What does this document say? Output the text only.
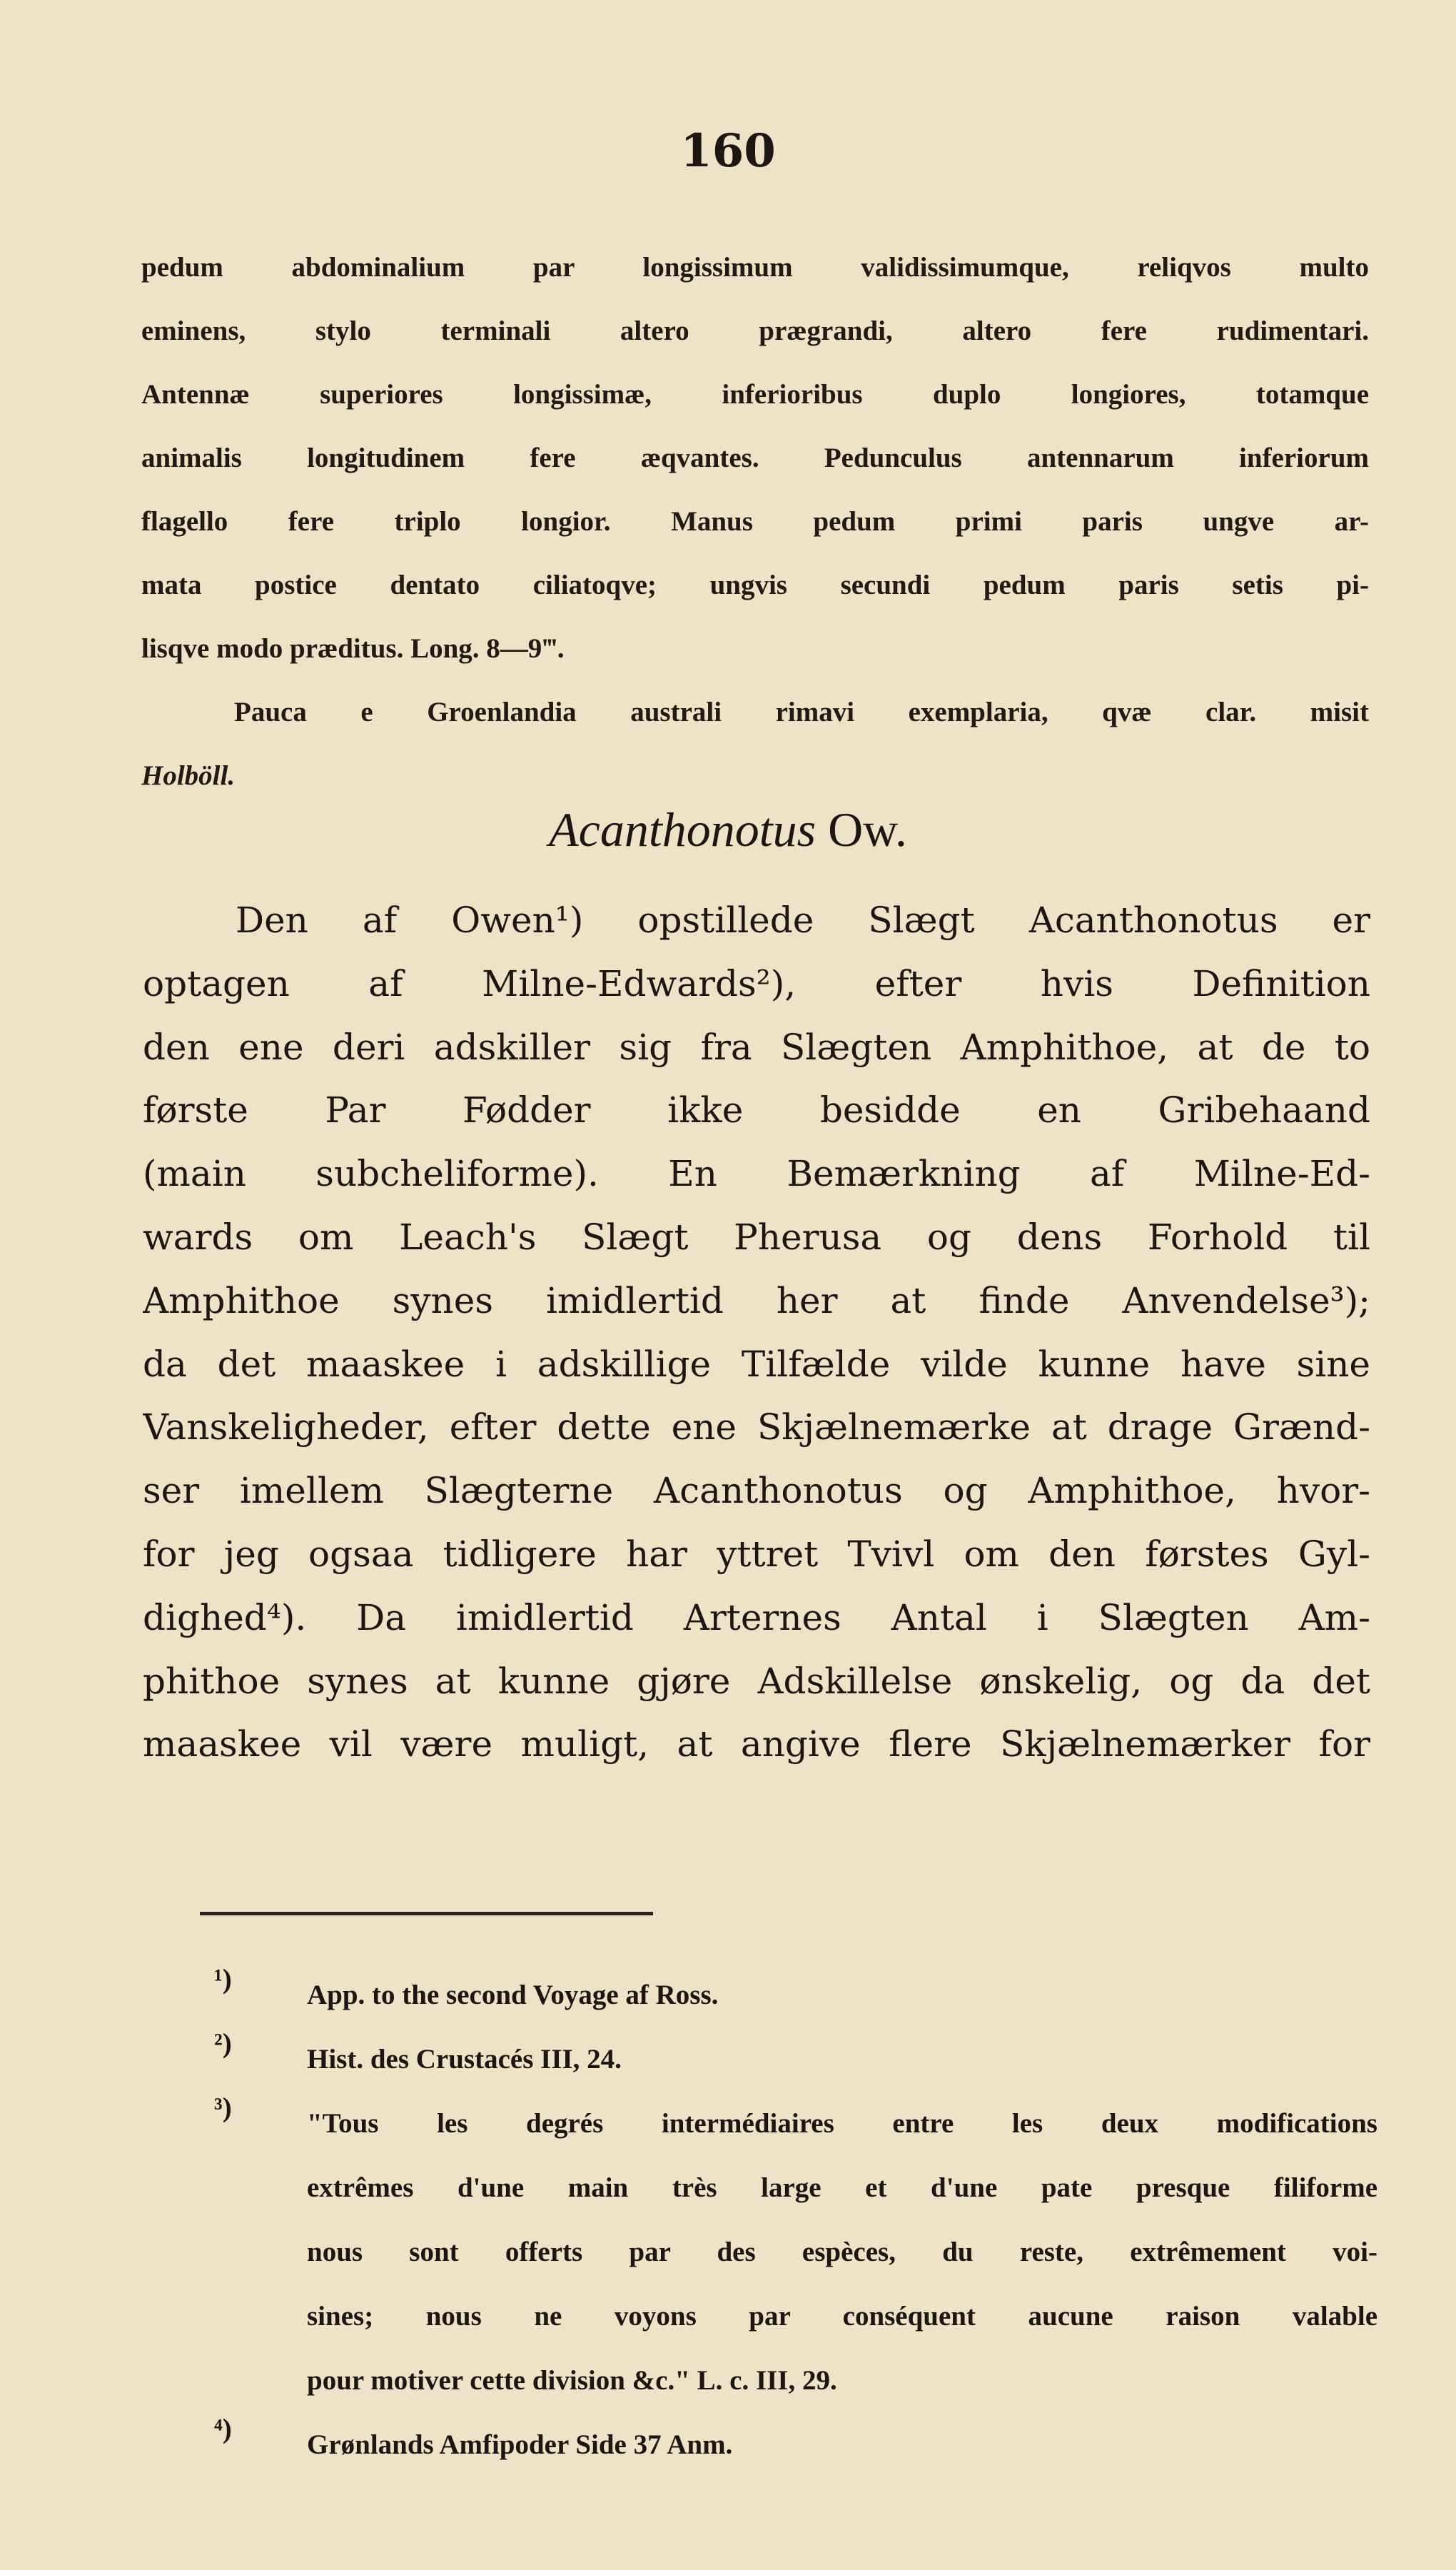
160
pedum abdominalium par longissimum validissimumque, reliqvos multo
eminens, stylo terminali altero prægrandi, altero fere rudimentari.
Antennæ superiores longissimæ, inferioribus duplo longiores, totamque
animalis longitudinem fere æqvantes. Pedunculus antennarum inferiorum
flagello fere triplo longior. Manus pedum primi paris ungve ar-
mata postice dentato ciliatoqve; ungvis secundi pedum paris setis pi-
lisqve modo præditus. Long. 8—9‴.
Pauca e Groenlandia australi rimavi exemplaria, qvæ clar. misit
Holböll.
Acanthonotus Ow.
Den af Owen¹) opstillede Slægt Acanthonotus er
optagen af Milne-Edwards²), efter hvis Definition
den ene deri adskiller sig fra Slægten Amphithoe, at de to
første Par Fødder ikke besidde en Gribehaand
(main subcheliforme). En Bemærkning af Milne-Ed-
wards om Leach's Slægt Pherusa og dens Forhold til
Amphithoe synes imidlertid her at finde Anvendelse³);
da det maaskee i adskillige Tilfælde vilde kunne have sine
Vanskeligheder, efter dette ene Skjælnemærke at drage Grænd-
ser imellem Slægterne Acanthonotus og Amphithoe, hvor-
for jeg ogsaa tidligere har yttret Tvivl om den førstes Gyl-
dighed⁴). Da imidlertid Arternes Antal i Slægten Am-
phithoe synes at kunne gjøre Adskillelse ønskelig, og da det
maaskee vil være muligt, at angive flere Skjælnemærker for
¹)
App. to the second Voyage af Ross.
²)
Hist. des Crustacés III, 24.
³)
"Tous les degrés intermédiaires entre les deux modifications
extrêmes d'une main très large et d'une pate presque filiforme
nous sont offerts par des espèces, du reste, extrêmement voi-
sines; nous ne voyons par conséquent aucune raison valable
pour motiver cette division &c." L. c. III, 29.
⁴)
Grønlands Amfipoder Side 37 Anm.
